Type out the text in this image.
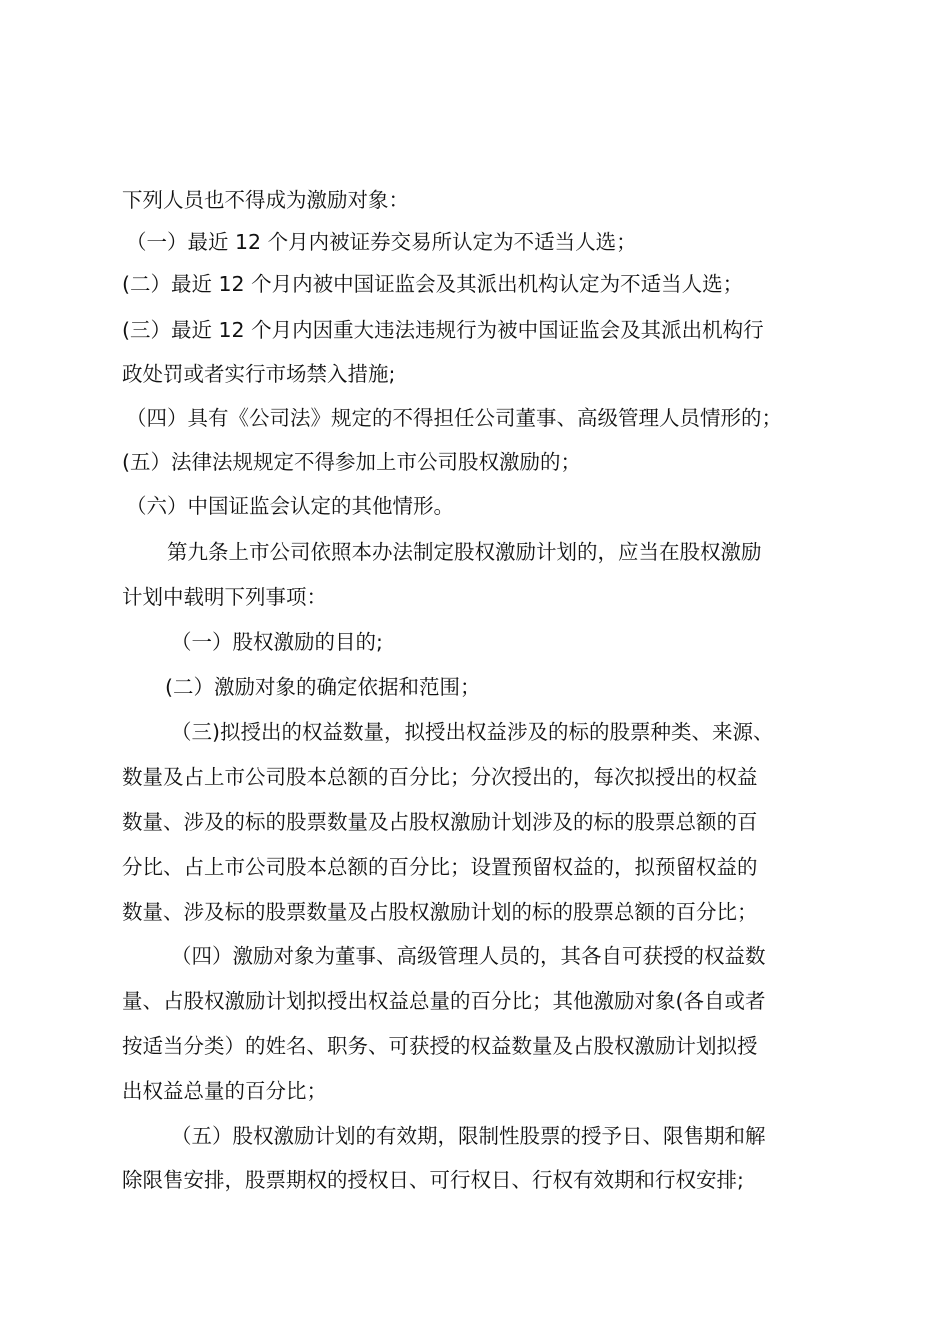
下列人员也不得成为激励对象：
（一）最近 12 个月内被证券交易所认定为不适当人选；
(二）最近 12 个月内被中国证监会及其派出机构认定为不适当人选；
(三）最近 12 个月内因重大违法违规行为被中国证监会及其派出机构行
政处罚或者实行市场禁入措施;
（四）具有《公司法》规定的不得担任公司董事、高级管理人员情形的；
(五）法律法规规定不得参加上市公司股权激励的；
（六）中国证监会认定的其他情形。
第九条上市公司依照本办法制定股权激励计划的，应当在股权激励
计划中载明下列事项：
（一）股权激励的目的;
(二）激励对象的确定依据和范围；
（三)拟授出的权益数量，拟授出权益涉及的标的股票种类、来源、
数量及占上市公司股本总额的百分比；分次授出的，每次拟授出的权益
数量、涉及的标的股票数量及占股权激励计划涉及的标的股票总额的百
分比、占上市公司股本总额的百分比；设置预留权益的，拟预留权益的
数量、涉及标的股票数量及占股权激励计划的标的股票总额的百分比；
（四）激励对象为董事、高级管理人员的，其各自可获授的权益数
量、占股权激励计划拟授出权益总量的百分比；其他激励对象(各自或者
按适当分类）的姓名、职务、可获授的权益数量及占股权激励计划拟授
出权益总量的百分比；
（五）股权激励计划的有效期，限制性股票的授予日、限售期和解
除限售安排，股票期权的授权日、可行权日、行权有效期和行权安排;
